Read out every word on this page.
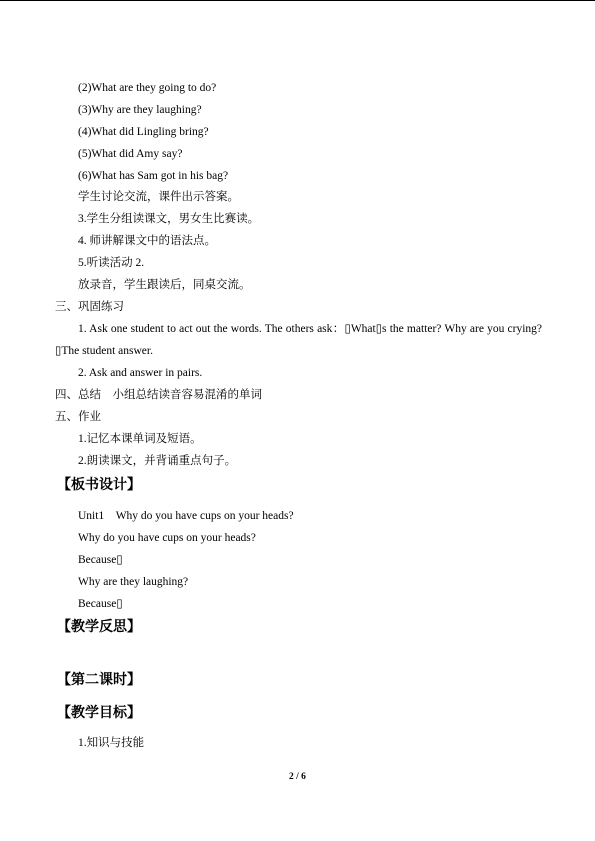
(2)What are they going to do?
(3)Why are they laughing?
(4)What did Lingling bring?
(5)What did Amy say?
(6)What has Sam got in his bag?
学生讨论交流，课件出示答案。
3.学生分组读课文，男女生比赛读。
4. 师讲解课文中的语法点。
5.听读活动 2.
放录音，学生跟读后，同桌交流。
三、巩固练习
1. Ask one student to act out the words. The others ask：▯What▯s the matter? Why are you crying? ▯The student answer.
2. Ask and answer in pairs.
四、总结　小组总结读音容易混淆的单词
五、作业
1.记忆本课单词及短语。
2.朗读课文，并背诵重点句子。
【板书设计】
Unit1　Why do you have cups on your heads?
Why do you have cups on your heads?
Because▯
Why are they laughing?
Because▯
【教学反思】
【第二课时】
【教学目标】
1.知识与技能
2 / 6
